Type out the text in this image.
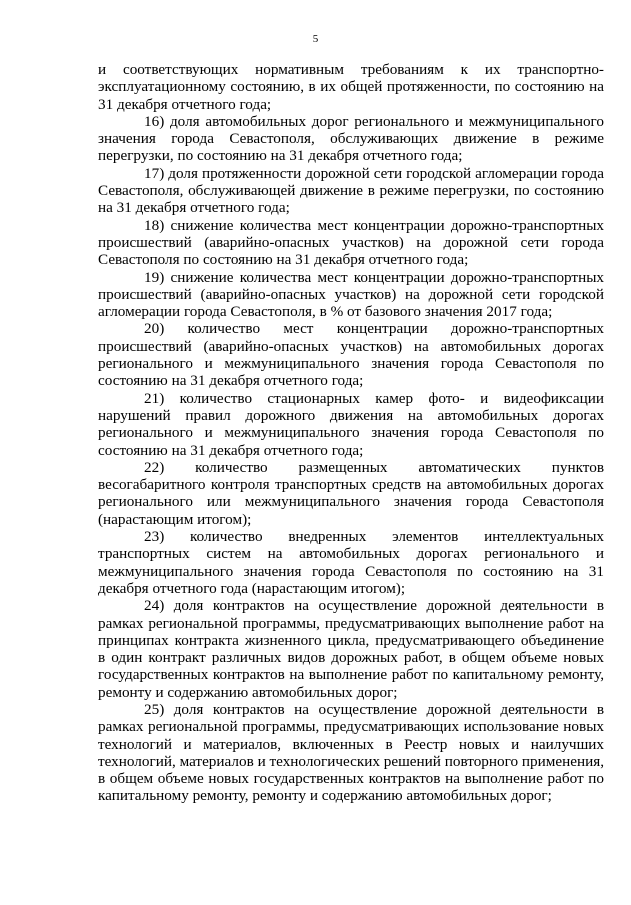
5

и соответствующих нормативным требованиям к их транспортно-эксплуатационному состоянию, в их общей протяженности, по состоянию на 31 декабря отчетного года;

16) доля автомобильных дорог регионального и межмуниципального значения города Севастополя, обслуживающих движение в режиме перегрузки, по состоянию на 31 декабря отчетного года;

17) доля протяженности дорожной сети городской агломерации города Севастополя, обслуживающей движение в режиме перегрузки, по состоянию на 31 декабря отчетного года;

18) снижение количества мест концентрации дорожно-транспортных происшествий (аварийно-опасных участков) на дорожной сети города Севастополя по состоянию на 31 декабря отчетного года;

19) снижение количества мест концентрации дорожно-транспортных происшествий (аварийно-опасных участков) на дорожной сети городской агломерации города Севастополя, в % от базового значения 2017 года;

20) количество мест концентрации дорожно-транспортных происшествий (аварийно-опасных участков) на автомобильных дорогах регионального и межмуниципального значения города Севастополя по состоянию на 31 декабря отчетного года;

21) количество стационарных камер фото- и видеофиксации нарушений правил дорожного движения на автомобильных дорогах регионального и межмуниципального значения города Севастополя по состоянию на 31 декабря отчетного года;

22) количество размещенных автоматических пунктов весогабаритного контроля транспортных средств на автомобильных дорогах регионального или межмуниципального значения города Севастополя (нарастающим итогом);

23) количество внедренных элементов интеллектуальных транспортных систем на автомобильных дорогах регионального и межмуниципального значения города Севастополя по состоянию на 31 декабря отчетного года (нарастающим итогом);

24) доля контрактов на осуществление дорожной деятельности в рамках региональной программы, предусматривающих выполнение работ на принципах контракта жизненного цикла, предусматривающего объединение в один контракт различных видов дорожных работ, в общем объеме новых государственных контрактов на выполнение работ по капитальному ремонту, ремонту и содержанию автомобильных дорог;

25) доля контрактов на осуществление дорожной деятельности в рамках региональной программы, предусматривающих использование новых технологий и материалов, включенных в Реестр новых и наилучших технологий, материалов и технологических решений повторного применения, в общем объеме новых государственных контрактов на выполнение работ по капитальному ремонту, ремонту и содержанию автомобильных дорог;
